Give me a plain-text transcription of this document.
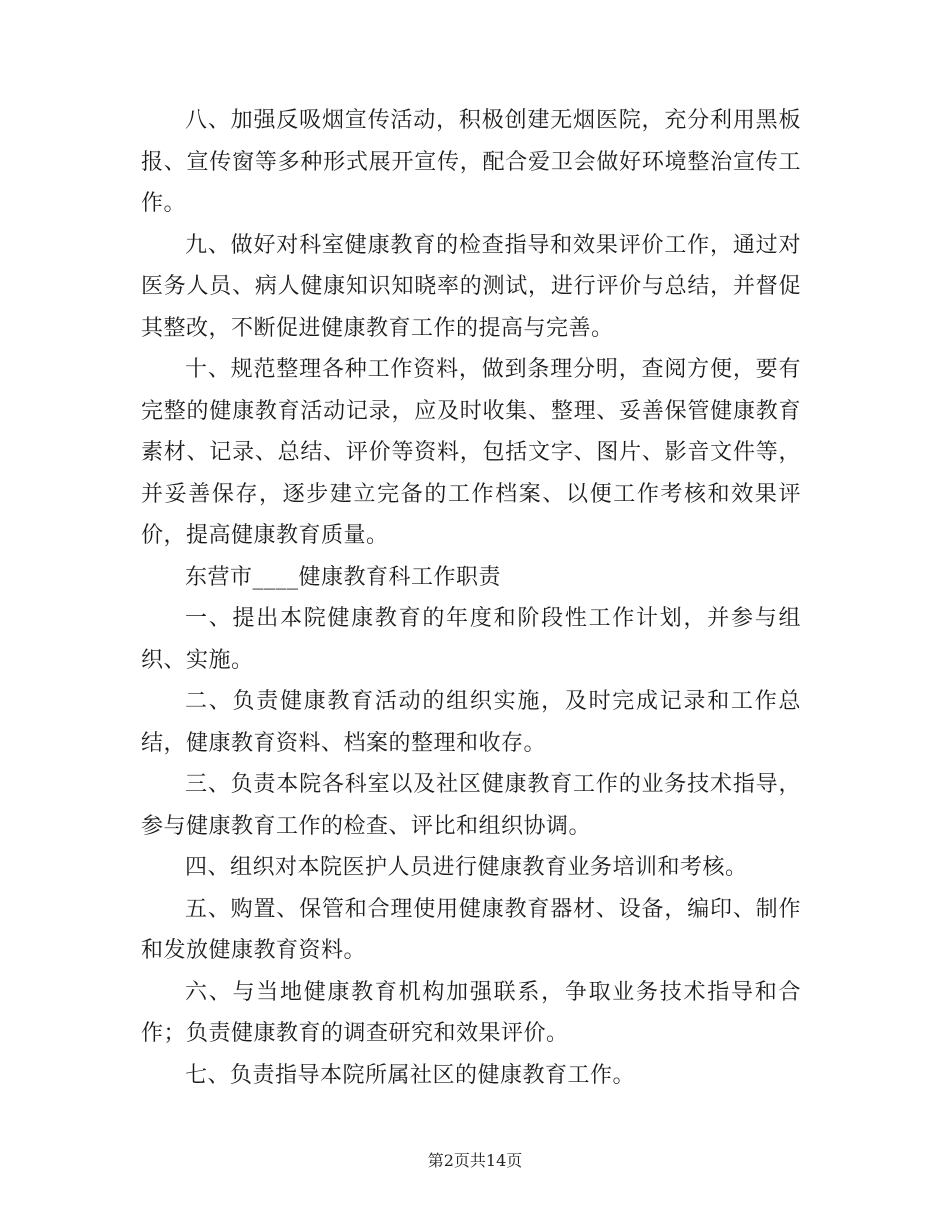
八、加强反吸烟宣传活动，积极创建无烟医院，充分利用黑板报、宣传窗等多种形式展开宣传，配合爱卫会做好环境整治宣传工作。

九、做好对科室健康教育的检查指导和效果评价工作，通过对医务人员、病人健康知识知晓率的测试，进行评价与总结，并督促其整改，不断促进健康教育工作的提高与完善。

十、规范整理各种工作资料，做到条理分明，查阅方便，要有完整的健康教育活动记录，应及时收集、整理、妥善保管健康教育素材、记录、总结、评价等资料，包括文字、图片、影音文件等，并妥善保存，逐步建立完备的工作档案、以便工作考核和效果评价，提高健康教育质量。

东营市____健康教育科工作职责

一、提出本院健康教育的年度和阶段性工作计划，并参与组织、实施。

二、负责健康教育活动的组织实施，及时完成记录和工作总结，健康教育资料、档案的整理和收存。

三、负责本院各科室以及社区健康教育工作的业务技术指导，参与健康教育工作的检查、评比和组织协调。

四、组织对本院医护人员进行健康教育业务培训和考核。

五、购置、保管和合理使用健康教育器材、设备，编印、制作和发放健康教育资料。

六、与当地健康教育机构加强联系，争取业务技术指导和合作；负责健康教育的调查研究和效果评价。

七、负责指导本院所属社区的健康教育工作。

第2页共14页
